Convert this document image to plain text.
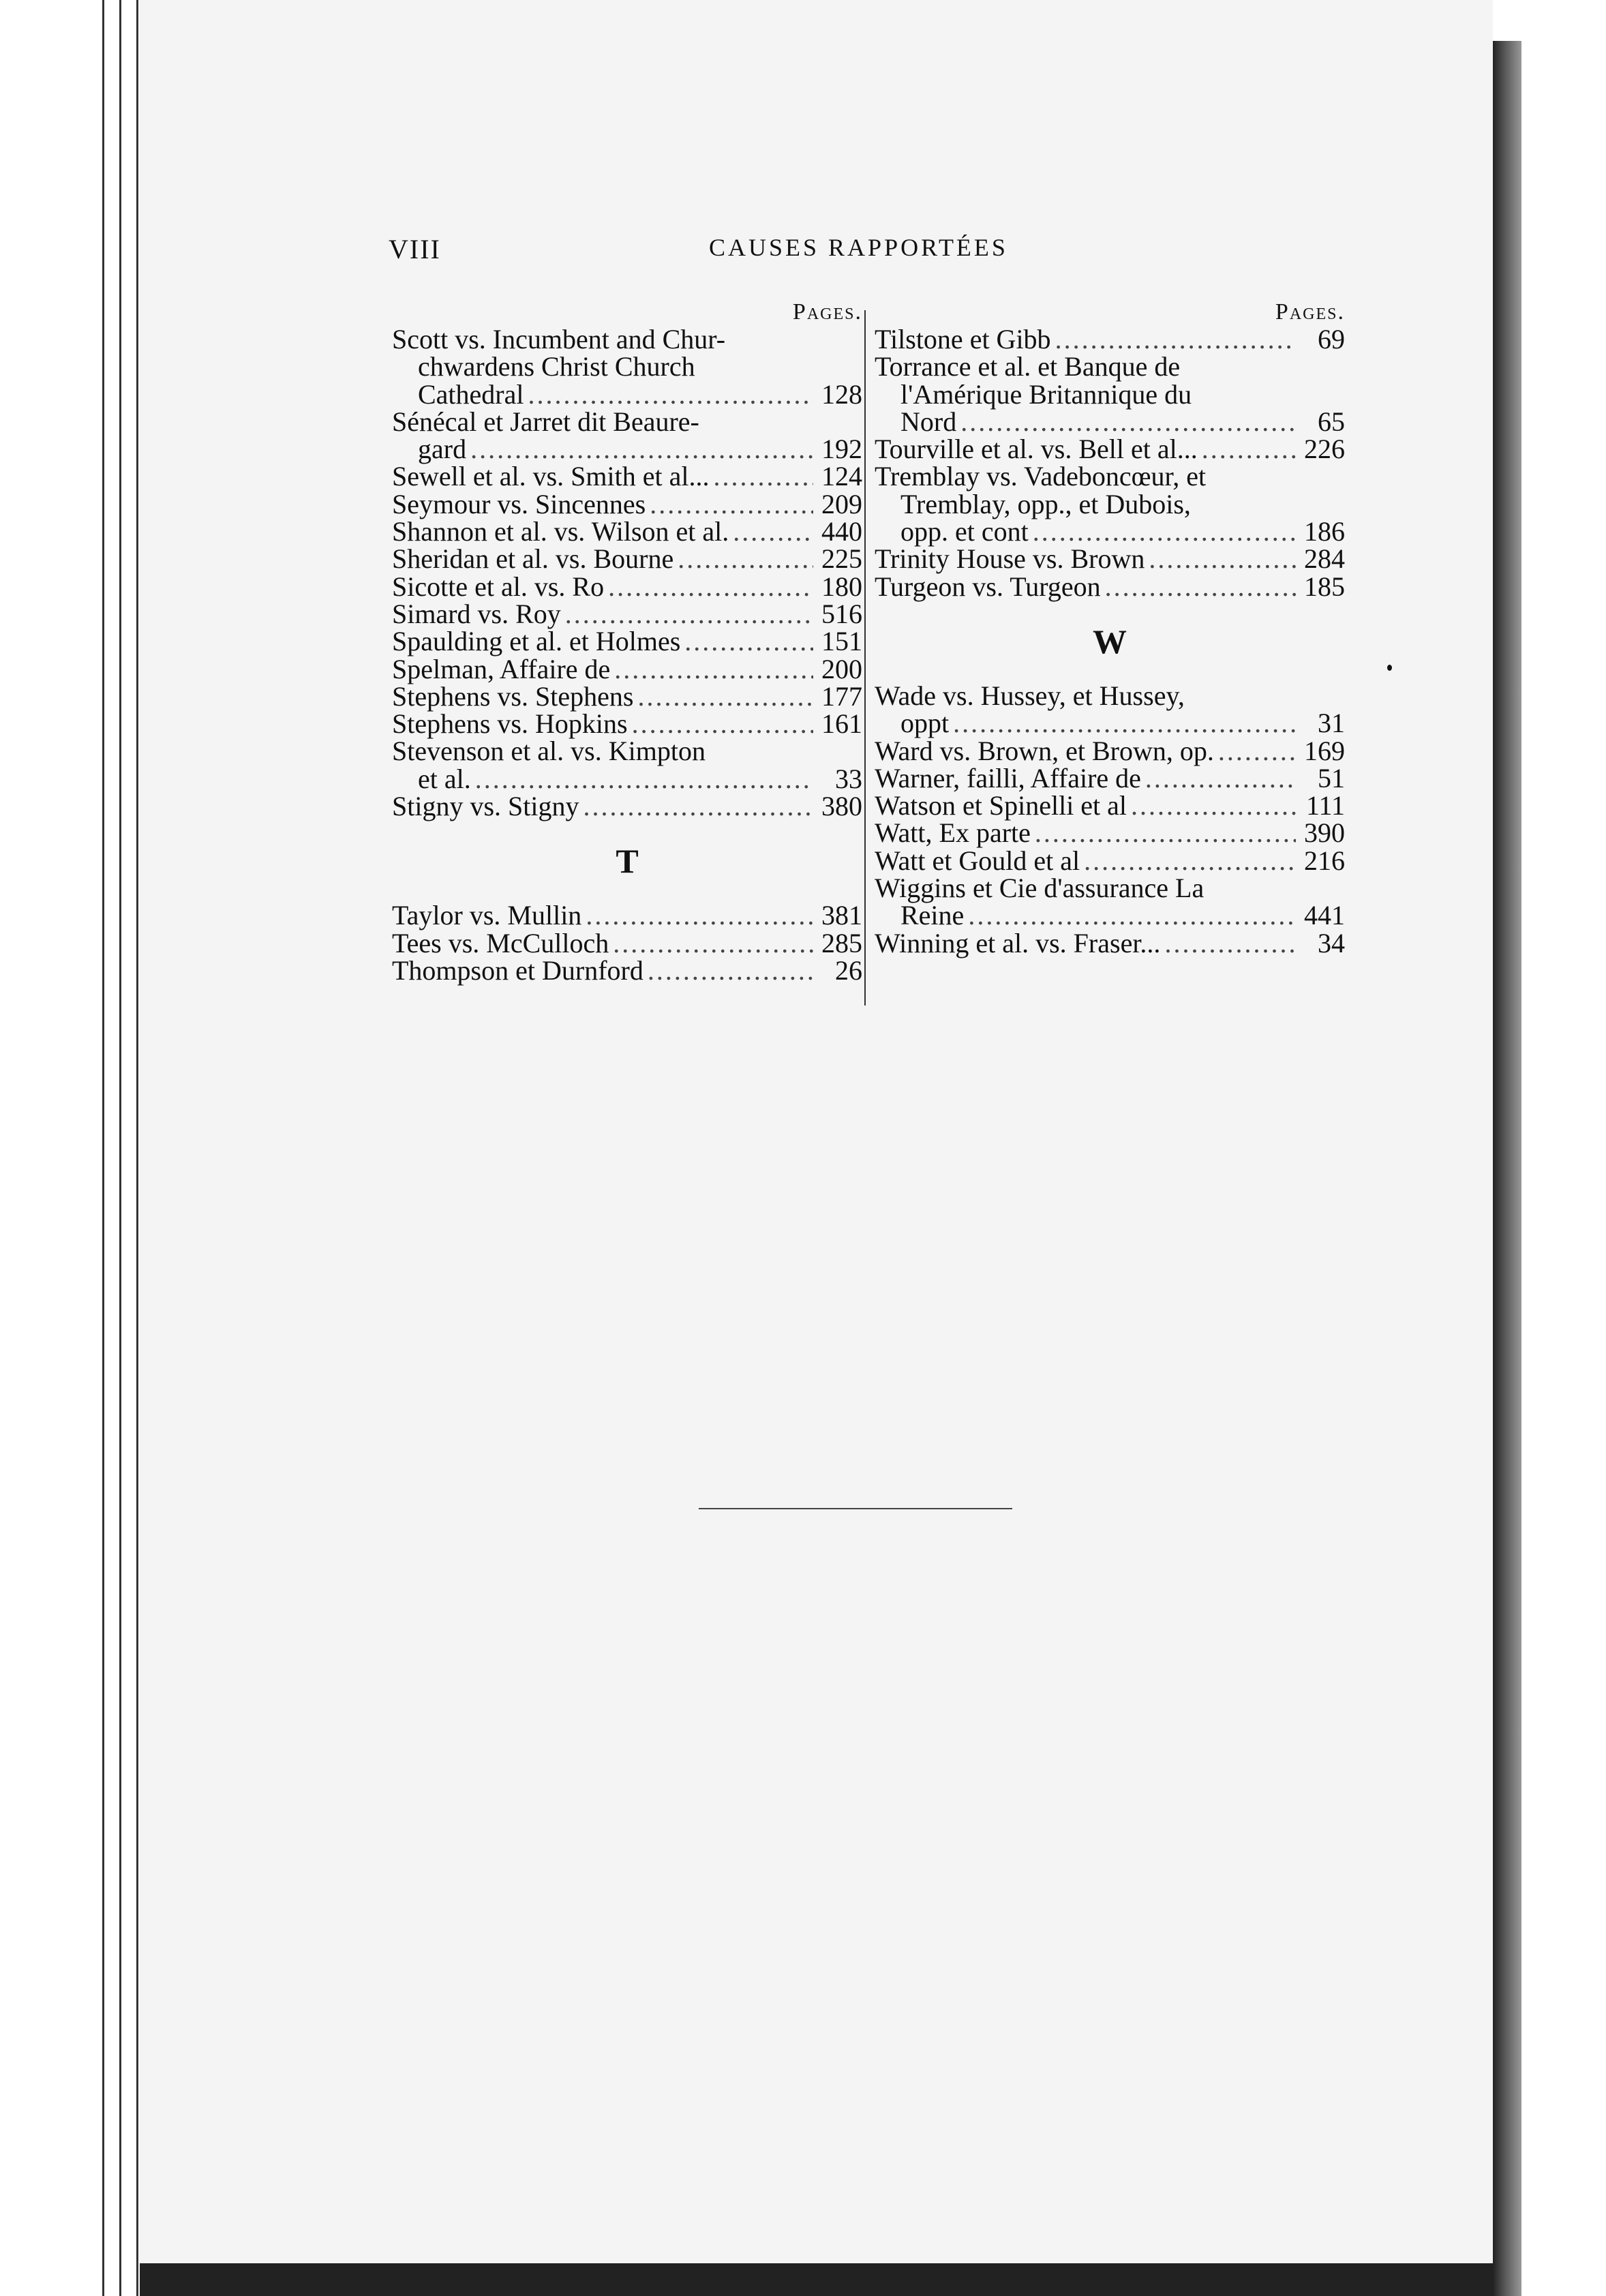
VIII	CAUSES RAPPORTÉES
Pages.
Scott vs. Incumbent and Chur-
chwardens Christ Church
Cathedral .....	128
Sénécal et Jarret dit Beaure-
gard .....	192
Sewell et al. vs. Smith et al... .....	124
Seymour vs. Sincennes .....	209
Shannon et al. vs. Wilson et al. .....	440
Sheridan et al. vs. Bourne .....	225
Sicotte et al. vs. Ro .....	180
Simard vs. Roy .....	516
Spaulding et al. et Holmes .....	151
Spelman, Affaire de .....	200
Stephens vs. Stephens .....	177
Stephens vs. Hopkins .....	161
Stevenson et al. vs. Kimpton
et al. .....	33
Stigny vs. Stigny .....	380
T
Taylor vs. Mullin .....	381
Tees vs. McCulloch .....	285
Thompson et Durnford .....	26
Pages.
Tilstone et Gibb .....	69
Torrance et al. et Banque de
l'Amérique Britannique du
Nord .....	65
Tourville et al. vs. Bell et al... .....	226
Tremblay vs. Vadeboncœur, et
Tremblay, opp., et Dubois,
opp. et cont .....	186
Trinity House vs. Brown .....	284
Turgeon vs. Turgeon .....	185
W
Wade vs. Hussey, et Hussey,
oppt .....	31
Ward vs. Brown, et Brown, op. .....	169
Warner, failli, Affaire de .....	51
Watson et Spinelli et al .....	111
Watt, Ex parte .....	390
Watt et Gould et al .....	216
Wiggins et Cie d'assurance La
Reine .....	441
Winning et al. vs. Fraser... .....	34
